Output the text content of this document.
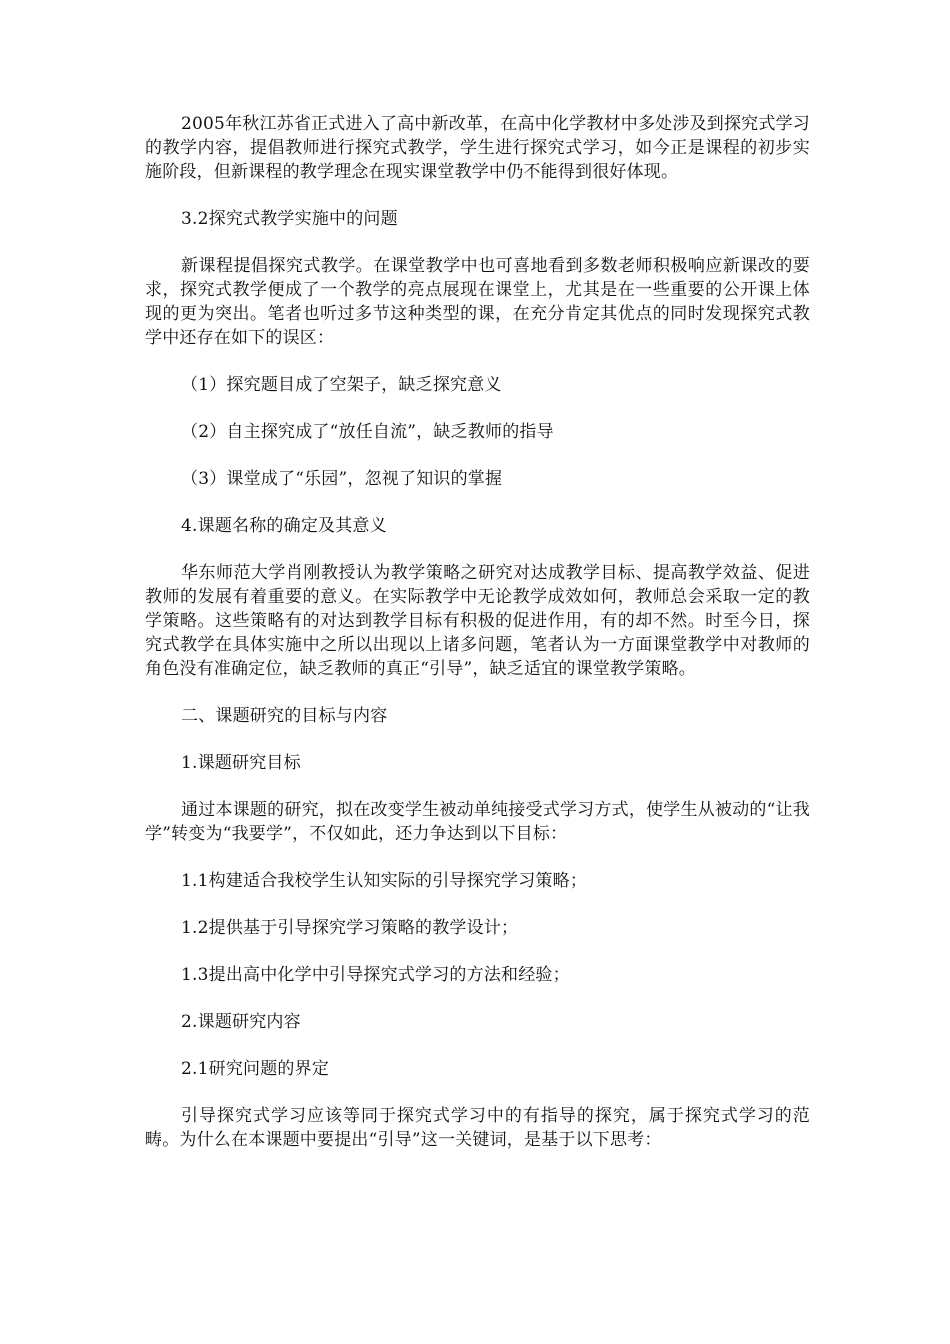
2005年秋江苏省正式进入了高中新改革，在高中化学教材中多处涉及到探究式学习的教学内容，提倡教师进行探究式教学，学生进行探究式学习，如今正是课程的初步实施阶段，但新课程的教学理念在现实课堂教学中仍不能得到很好体现。

3.2探究式教学实施中的问题

新课程提倡探究式教学。在课堂教学中也可喜地看到多数老师积极响应新课改的要求，探究式教学便成了一个教学的亮点展现在课堂上，尤其是在一些重要的公开课上体现的更为突出。笔者也听过多节这种类型的课，在充分肯定其优点的同时发现探究式教学中还存在如下的误区：

（1）探究题目成了空架子，缺乏探究意义

（2）自主探究成了“放任自流”，缺乏教师的指导

（3）课堂成了“乐园”，忽视了知识的掌握

4.课题名称的确定及其意义

华东师范大学肖刚教授认为教学策略之研究对达成教学目标、提高教学效益、促进教师的发展有着重要的意义。在实际教学中无论教学成效如何，教师总会采取一定的教学策略。这些策略有的对达到教学目标有积极的促进作用，有的却不然。时至今日，探究式教学在具体实施中之所以出现以上诸多问题，笔者认为一方面课堂教学中对教师的角色没有准确定位，缺乏教师的真正“引导”，缺乏适宜的课堂教学策略。

二、课题研究的目标与内容

1.课题研究目标

通过本课题的研究，拟在改变学生被动单纯接受式学习方式，使学生从被动的“让我学”转变为“我要学”，不仅如此，还力争达到以下目标：

1.1构建适合我校学生认知实际的引导探究学习策略；

1.2提供基于引导探究学习策略的教学设计；

1.3提出高中化学中引导探究式学习的方法和经验；

2.课题研究内容

2.1研究问题的界定

引导探究式学习应该等同于探究式学习中的有指导的探究，属于探究式学习的范畴。为什么在本课题中要提出“引导”这一关键词，是基于以下思考：
